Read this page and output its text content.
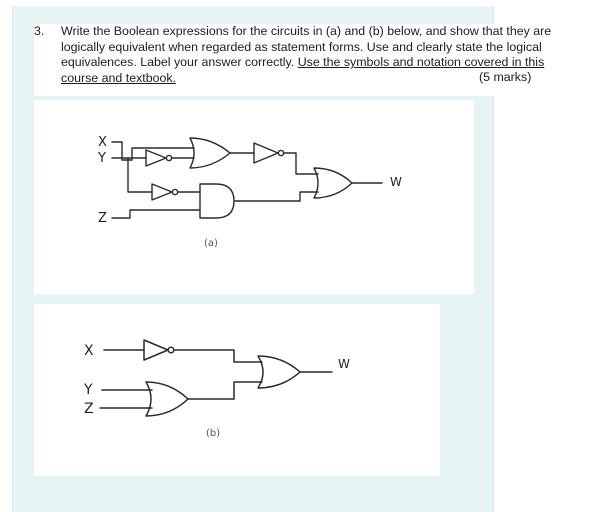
3. Write the Boolean expressions for the circuits in (a) and (b) below, and show that they are
logically equivalent when regarded as statement forms. Use and clearly state the logical
equivalences. Label your answer correctly. Use the symbols and notation covered in this
course and textbook.	(5 marks)
X
Y
Z
W
(a)
X
Y
Z
W
(b)
